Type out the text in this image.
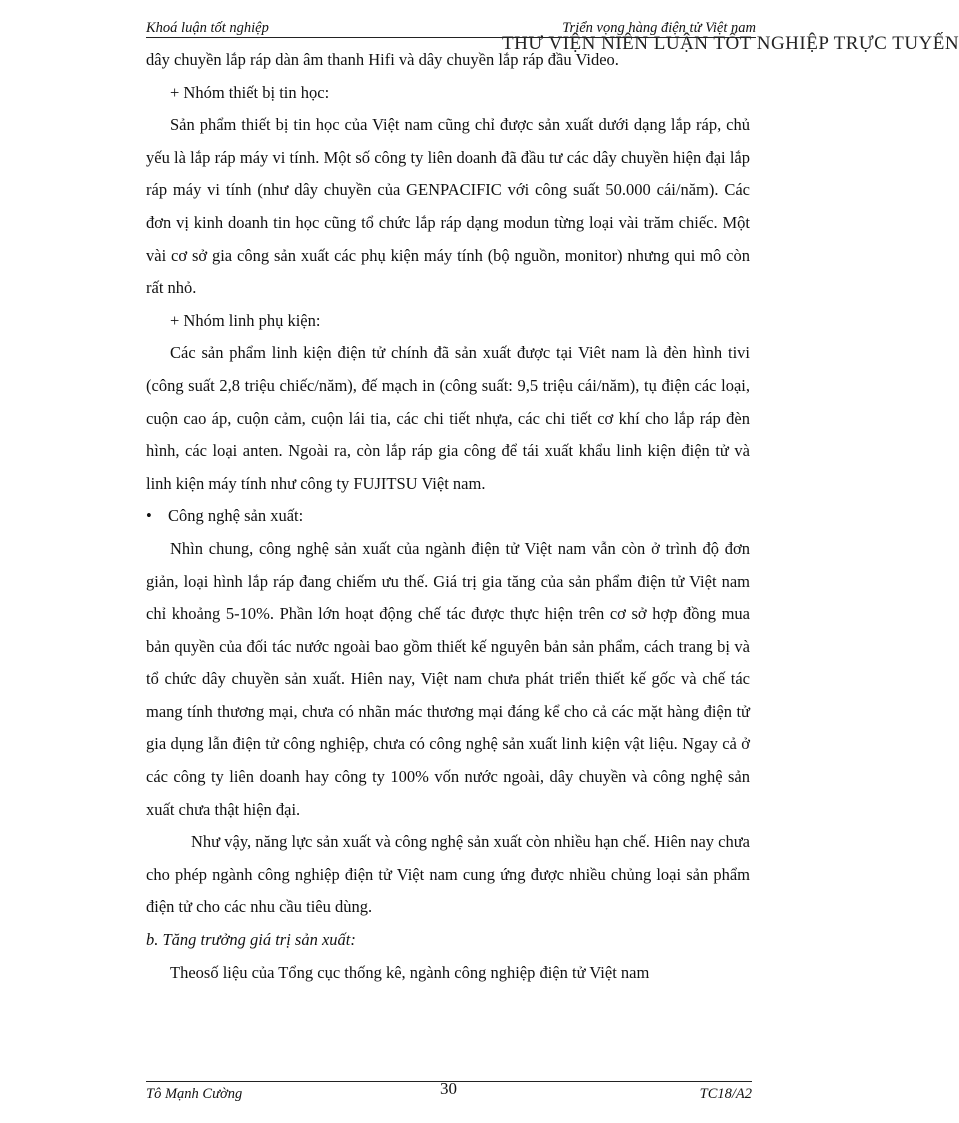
Khoá luận tốt nghiệp	Triển vọng hàng điện tử Việt nam
THƯ VIỆN NIÊN LUẬN TỐT NGHIỆP TRỰC TUYẾN

dây chuyền lắp ráp dàn âm thanh Hifi và dây chuyền lắp ráp đầu Video.

+ Nhóm thiết bị tin học:

Sản phẩm thiết bị tin học của Việt nam cũng chỉ được sản xuất dưới dạng lắp ráp, chủ yếu là lắp ráp máy vi tính. Một số công ty liên doanh đã đầu tư các dây chuyền hiện đại lắp ráp máy vi tính (như dây chuyền của GENPACIFIC với công suất 50.000 cái/năm). Các đơn vị kinh doanh tin học cũng tổ chức lắp ráp dạng modun từng loại vài trăm chiếc. Một vài cơ sở gia công sản xuất các phụ kiện máy tính (bộ nguồn, monitor) nhưng qui mô còn rất nhỏ.

+ Nhóm linh phụ kiện:

Các sản phẩm linh kiện điện tử chính đã sản xuất được tại Viêt nam là đèn hình tivi (công suất 2,8 triệu chiếc/năm), đế mạch in (công suất: 9,5 triệu cái/năm), tụ điện các loại, cuộn cao áp, cuộn cảm, cuộn lái tia, các chi tiết nhựa, các chi tiết cơ khí cho lắp ráp đèn hình, các loại anten. Ngoài ra, còn lắp ráp gia công để tái xuất khẩu linh kiện điện tử và linh kiện máy tính như công ty FUJITSU Việt nam.

• Công nghệ sản xuất:

Nhìn chung, công nghệ sản xuất của ngành điện tử Việt nam vẫn còn ở trình độ đơn giản, loại hình lắp ráp đang chiếm ưu thế. Giá trị gia tăng của sản phẩm điện tử Việt nam chỉ khoảng 5-10%. Phần lớn hoạt động chế tác được thực hiện trên cơ sở hợp đồng mua bản quyền của đối tác nước ngoài bao gồm thiết kế nguyên bản sản phẩm, cách trang bị và tổ chức dây chuyền sản xuất. Hiên nay, Việt nam chưa phát triển thiết kế gốc và chế tác mang tính thương mại, chưa có nhãn mác thương mại đáng kể cho cả các mặt hàng điện tử gia dụng lẫn điện tử công nghiệp, chưa có công nghệ sản xuất linh kiện vật liệu. Ngay cả ở các công ty liên doanh hay công ty 100% vốn nước ngoài, dây chuyền và công nghệ sản xuất chưa thật hiện đại.

Như vậy, năng lực sản xuất và công nghệ sản xuất còn nhiều hạn chế. Hiên nay chưa cho phép ngành công nghiệp điện tử Việt nam cung ứng được nhiều chủng loại sản phẩm điện tử cho các nhu cầu tiêu dùng.

b. Tăng trưởng giá trị sản xuất:

Theosố liệu của Tổng cục thống kê, ngành công nghiệp điện tử Việt nam

Tô Mạnh Cường	30	TC18/A2
